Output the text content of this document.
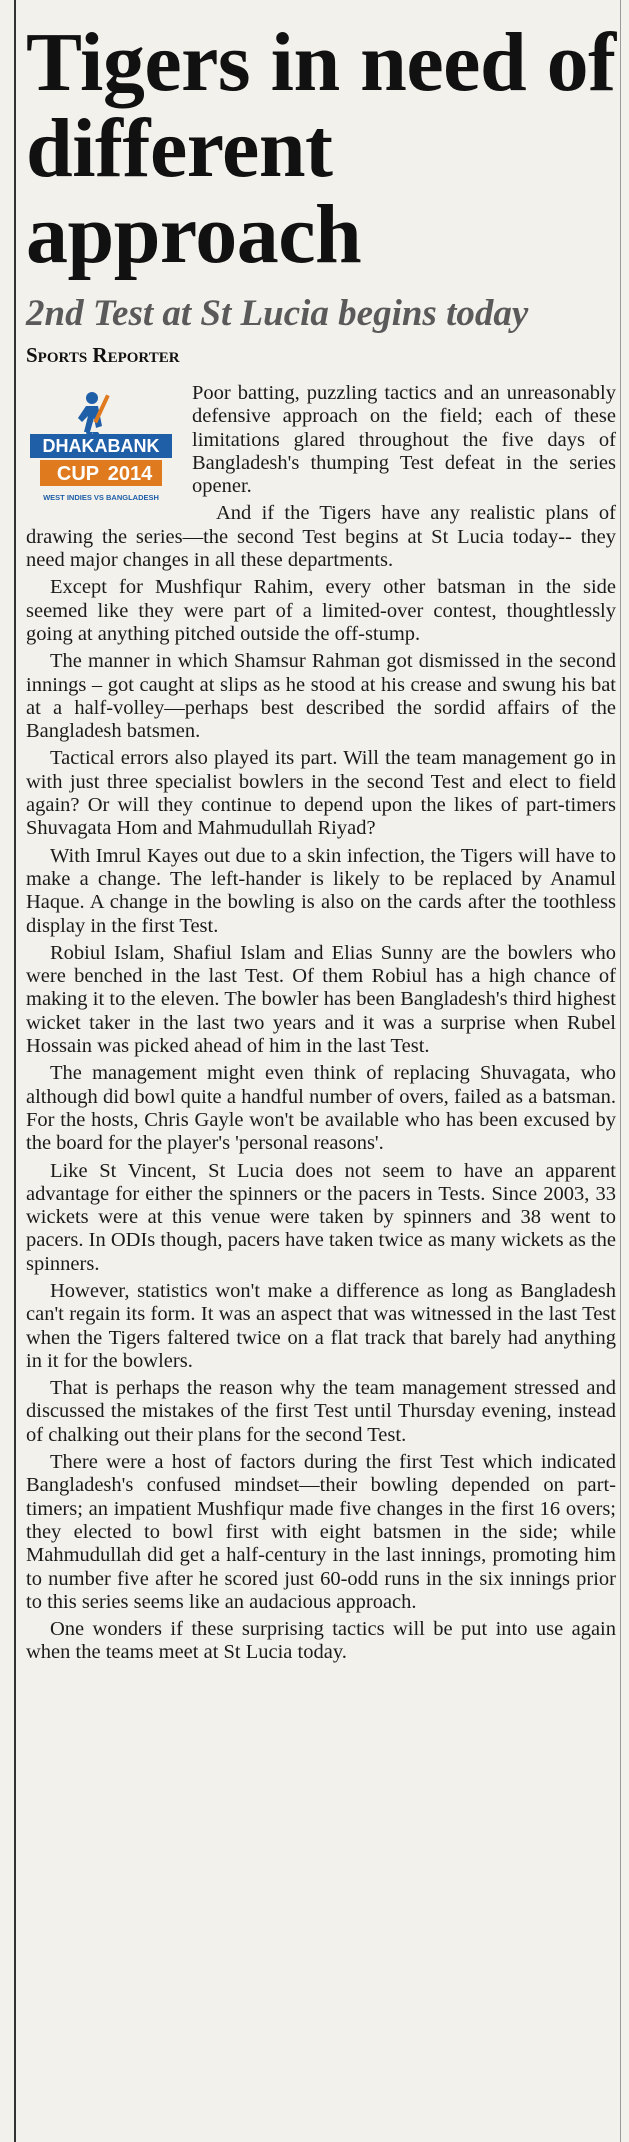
Tigers in need of different approach
2nd Test at St Lucia begins today
Sports Reporter
DHAKABANK
CUP 2014
WEST INDIES VS BANGLADESH

Poor batting, puzzling tactics and an unreasonably defensive approach on the field; each of these limitations glared throughout the five days of Bangladesh's thumping Test defeat in the series opener.

And if the Tigers have any realistic plans of drawing the series—the second Test begins at St Lucia today-- they need major changes in all these departments.

Except for Mushfiqur Rahim, every other batsman in the side seemed like they were part of a limited-over contest, thoughtlessly going at anything pitched outside the off-stump.

The manner in which Shamsur Rahman got dismissed in the second innings – got caught at slips as he stood at his crease and swung his bat at a half-volley—perhaps best described the sordid affairs of the Bangladesh batsmen.

Tactical errors also played its part. Will the team management go in with just three specialist bowlers in the second Test and elect to field again? Or will they continue to depend upon the likes of part-timers Shuvagata Hom and Mahmudullah Riyad?

With Imrul Kayes out due to a skin infection, the Tigers will have to make a change. The left-hander is likely to be replaced by Anamul Haque. A change in the bowling is also on the cards after the toothless display in the first Test.

Robiul Islam, Shafiul Islam and Elias Sunny are the bowlers who were benched in the last Test. Of them Robiul has a high chance of making it to the eleven. The bowler has been Bangladesh's third highest wicket taker in the last two years and it was a surprise when Rubel Hossain was picked ahead of him in the last Test.

The management might even think of replacing Shuvagata, who although did bowl quite a handful number of overs, failed as a batsman. For the hosts, Chris Gayle won't be available who has been excused by the board for the player's 'personal reasons'.

Like St Vincent, St Lucia does not seem to have an apparent advantage for either the spinners or the pacers in Tests. Since 2003, 33 wickets were at this venue were taken by spinners and 38 went to pacers. In ODIs though, pacers have taken twice as many wickets as the spinners.

However, statistics won't make a difference as long as Bangladesh can't regain its form. It was an aspect that was witnessed in the last Test when the Tigers faltered twice on a flat track that barely had anything in it for the bowlers.

That is perhaps the reason why the team management stressed and discussed the mistakes of the first Test until Thursday evening, instead of chalking out their plans for the second Test.

There were a host of factors during the first Test which indicated Bangladesh's confused mindset—their bowling depended on part-timers; an impatient Mushfiqur made five changes in the first 16 overs; they elected to bowl first with eight batsmen in the side; while Mahmudullah did get a half-century in the last innings, promoting him to number five after he scored just 60-odd runs in the six innings prior to this series seems like an audacious approach.

One wonders if these surprising tactics will be put into use again when the teams meet at St Lucia today.
